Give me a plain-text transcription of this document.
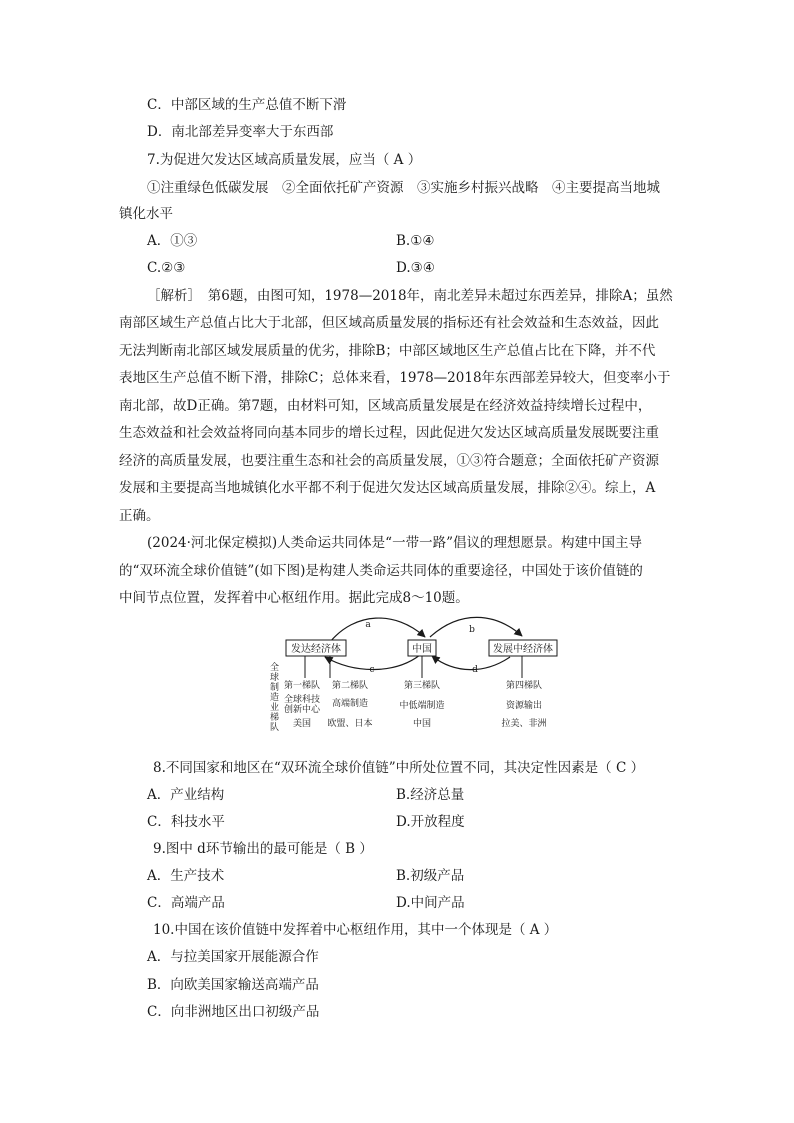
C．中部区域的生产总值不断下滑
D．南北部差异变率大于东西部
7.为促进欠发达区域高质量发展，应当（ A ）
①注重绿色低碳发展　②全面依托矿产资源　③实施乡村振兴战略　④主要提高当地城
镇化水平
A．①③	B.①④
C.②③	D.③④
［解析］　第6题，由图可知，1978—2018年，南北差异未超过东西差异，排除A；虽然
南部区域生产总值占比大于北部，但区域高质量发展的指标还有社会效益和生态效益，因此
无法判断南北部区域发展质量的优劣，排除B；中部区域地区生产总值占比在下降，并不代
表地区生产总值不断下滑，排除C；总体来看，1978—2018年东西部差异较大，但变率小于
南北部，故D正确。第7题，由材料可知，区域高质量发展是在经济效益持续增长过程中，
生态效益和社会效益将同向基本同步的增长过程，因此促进欠发达区域高质量发展既要注重
经济的高质量发展，也要注重生态和社会的高质量发展，①③符合题意；全面依托矿产资源
发展和主要提高当地城镇化水平都不利于促进欠发达区域高质量发展，排除②④。综上，A
正确。
(2024·河北保定模拟)人类命运共同体是“一带一路”倡议的理想愿景。构建中国主导
的“双环流全球价值链”(如下图)是构建人类命运共同体的重要途径，中国处于该价值链的
中间节点位置，发挥着中心枢纽作用。据此完成8～10题。
8.不同国家和地区在“双环流全球价值链”中所处位置不同，其决定性因素是（ C ）
A．产业结构	B.经济总量
C．科技水平	D.开放程度
9.图中 d环节输出的最可能是（ B ）
A．生产技术	B.初级产品
C．高端产品	D.中间产品
10.中国在该价值链中发挥着中心枢纽作用，其中一个体现是（ A ）
A．与拉美国家开展能源合作
B．向欧美国家输送高端产品
C．向非洲地区出口初级产品
a	b
c	d
发达经济体	中国	发展中经济体
全
球
制
造
业
梯
队
第一梯队
全球科技
创新中心
美国
第二梯队
高端制造
欧盟、日本
第三梯队
中低端制造
中国
第四梯队
资源输出
拉美、非洲
